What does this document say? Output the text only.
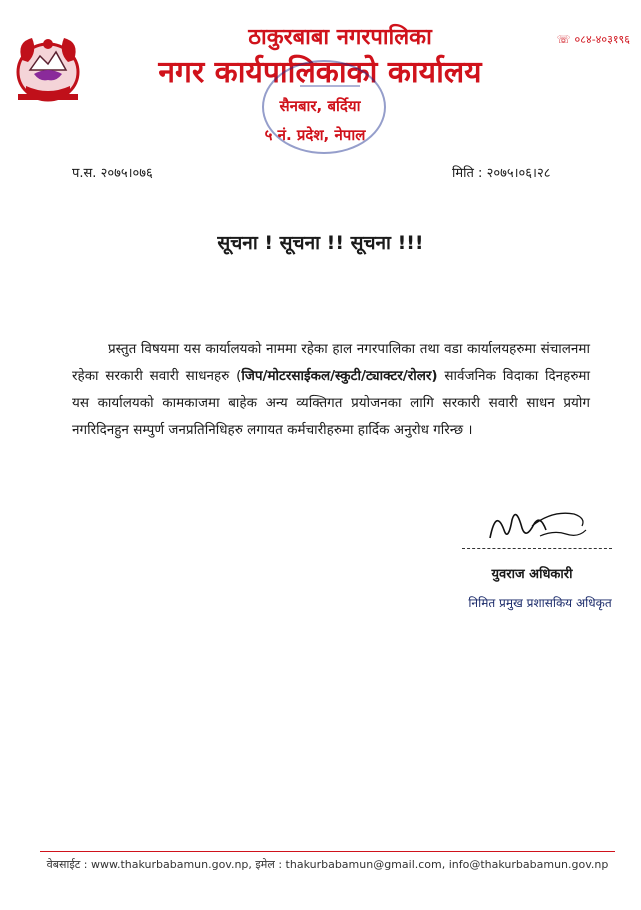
ठाकुरबाबा नगरपालिका
नगर कार्यपालिकाको कार्यालय
सैनबार, बर्दिया
५ नं. प्रदेश, नेपाल
☏ ०८४-४०३१९६
प.स. २०७५।०७६	मिति : २०७५।०६।२८
सूचना ! सूचना !! सूचना !!!
प्रस्तुत विषयमा यस कार्यालयको नाममा रहेका हाल नगरपालिका तथा वडा कार्यालयहरुमा संचालनमा रहेका सरकारी सवारी साधनहरु (जिप/मोटरसाईकल/स्कुटी/ट्याक्टर/रोलर) सार्वजनिक विदाका दिनहरुमा यस कार्यालयको कामकाजमा बाहेक अन्य व्यक्तिगत प्रयोजनका लागि सरकारी सवारी साधन प्रयोग नगरिदिनहुन सम्पुर्ण जनप्रतिनिधिहरु लगायत कर्मचारीहरुमा हार्दिक अनुरोध गरिन्छ ।
युवराज अधिकारी
निमित प्रमुख प्रशासकिय अधिकृत
वेबसाईट : www.thakurbabamun.gov.np, इमेल : thakurbabamun@gmail.com, info@thakurbabamun.gov.np
